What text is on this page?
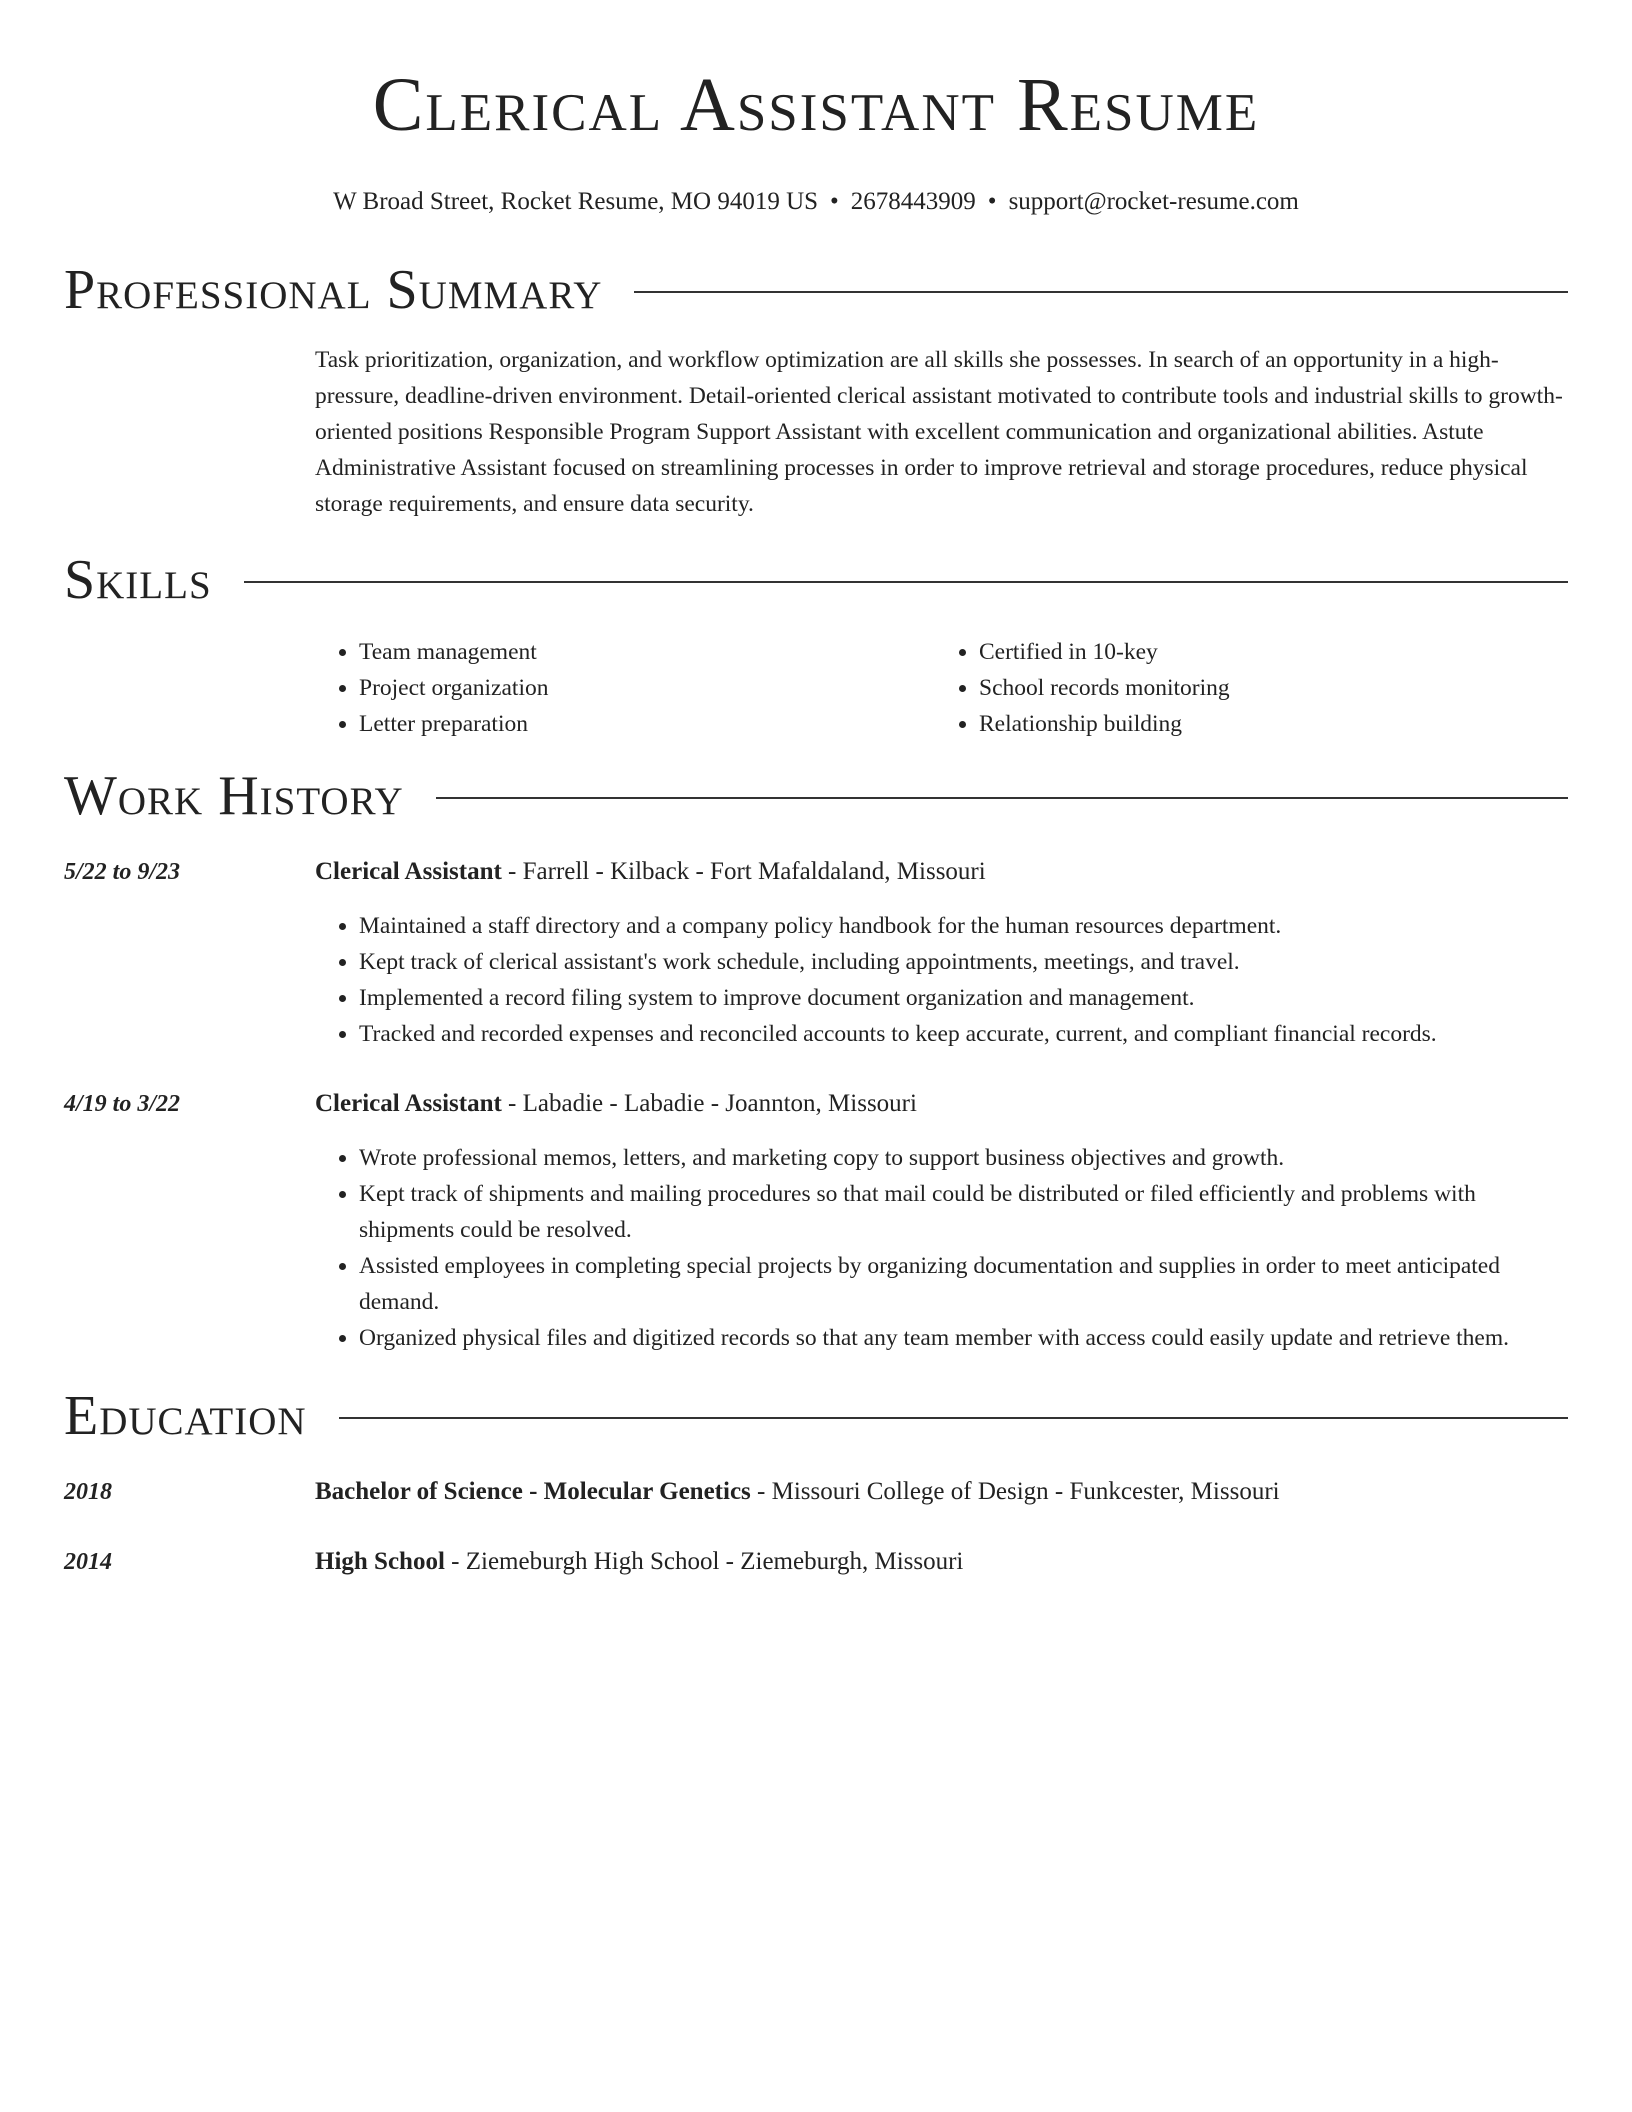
Clerical Assistant Resume
W Broad Street, Rocket Resume, MO 94019 US • 2678443909 • support@rocket-resume.com
Professional Summary
Task prioritization, organization, and workflow optimization are all skills she possesses. In search of an opportunity in a high-pressure, deadline-driven environment. Detail-oriented clerical assistant motivated to contribute tools and industrial skills to growth-oriented positions Responsible Program Support Assistant with excellent communication and organizational abilities. Astute Administrative Assistant focused on streamlining processes in order to improve retrieval and storage procedures, reduce physical storage requirements, and ensure data security.
Skills
• Team management
• Project organization
• Letter preparation
• Certified in 10-key
• School records monitoring
• Relationship building
Work History
5/22 to 9/23	Clerical Assistant - Farrell - Kilback - Fort Mafaldaland, Missouri
• Maintained a staff directory and a company policy handbook for the human resources department.
• Kept track of clerical assistant's work schedule, including appointments, meetings, and travel.
• Implemented a record filing system to improve document organization and management.
• Tracked and recorded expenses and reconciled accounts to keep accurate, current, and compliant financial records.
4/19 to 3/22	Clerical Assistant - Labadie - Labadie - Joannton, Missouri
• Wrote professional memos, letters, and marketing copy to support business objectives and growth.
• Kept track of shipments and mailing procedures so that mail could be distributed or filed efficiently and problems with shipments could be resolved.
• Assisted employees in completing special projects by organizing documentation and supplies in order to meet anticipated demand.
• Organized physical files and digitized records so that any team member with access could easily update and retrieve them.
Education
2018	Bachelor of Science - Molecular Genetics - Missouri College of Design - Funkcester, Missouri
2014	High School - Ziemeburgh High School - Ziemeburgh, Missouri
